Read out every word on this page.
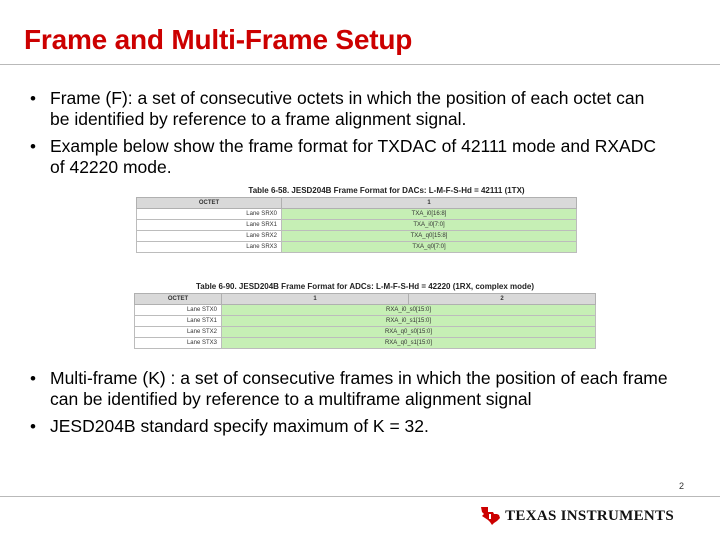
Frame and Multi-Frame Setup
• Frame (F): a set of consecutive octets in which the position of each octet can be identified by reference to a frame alignment signal.
• Example below show the frame format for TXDAC of 42111 mode and RXADC of 42220 mode.
Table 6-58. JESD204B Frame Format for DACs: L-M-F-S-Hd = 42111 (1TX)
OCTET	1
Lane SRX0	TXA_i0[16:8]
Lane SRX1	TXA_i0[7:0]
Lane SRX2	TXA_q0[15:8]
Lane SRX3	TXA_q0[7:0]
Table 6-90. JESD204B Frame Format for ADCs: L-M-F-S-Hd = 42220 (1RX, complex mode)
OCTET	1	2
Lane STX0	RXA_i0_s0[15:0]	
Lane STX1	RXA_i0_s1[15:0]	
Lane STX2	RXA_q0_s0[15:0]	
Lane STX3	RXA_q0_s1[15:0]	
• Multi-frame (K) : a set of consecutive frames in which the position of each frame can be identified by reference to a multiframe alignment signal
• JESD204B standard specify maximum of K = 32.
2
TEXAS INSTRUMENTS
